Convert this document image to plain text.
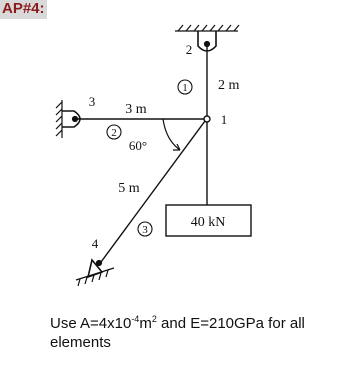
AP#4:
40 kN
1
2
3
2
1
3
4
2 m
3 m
5 m
60°
Use $A=4x10^{-4}m^2$ and E=210GPa for all elements
